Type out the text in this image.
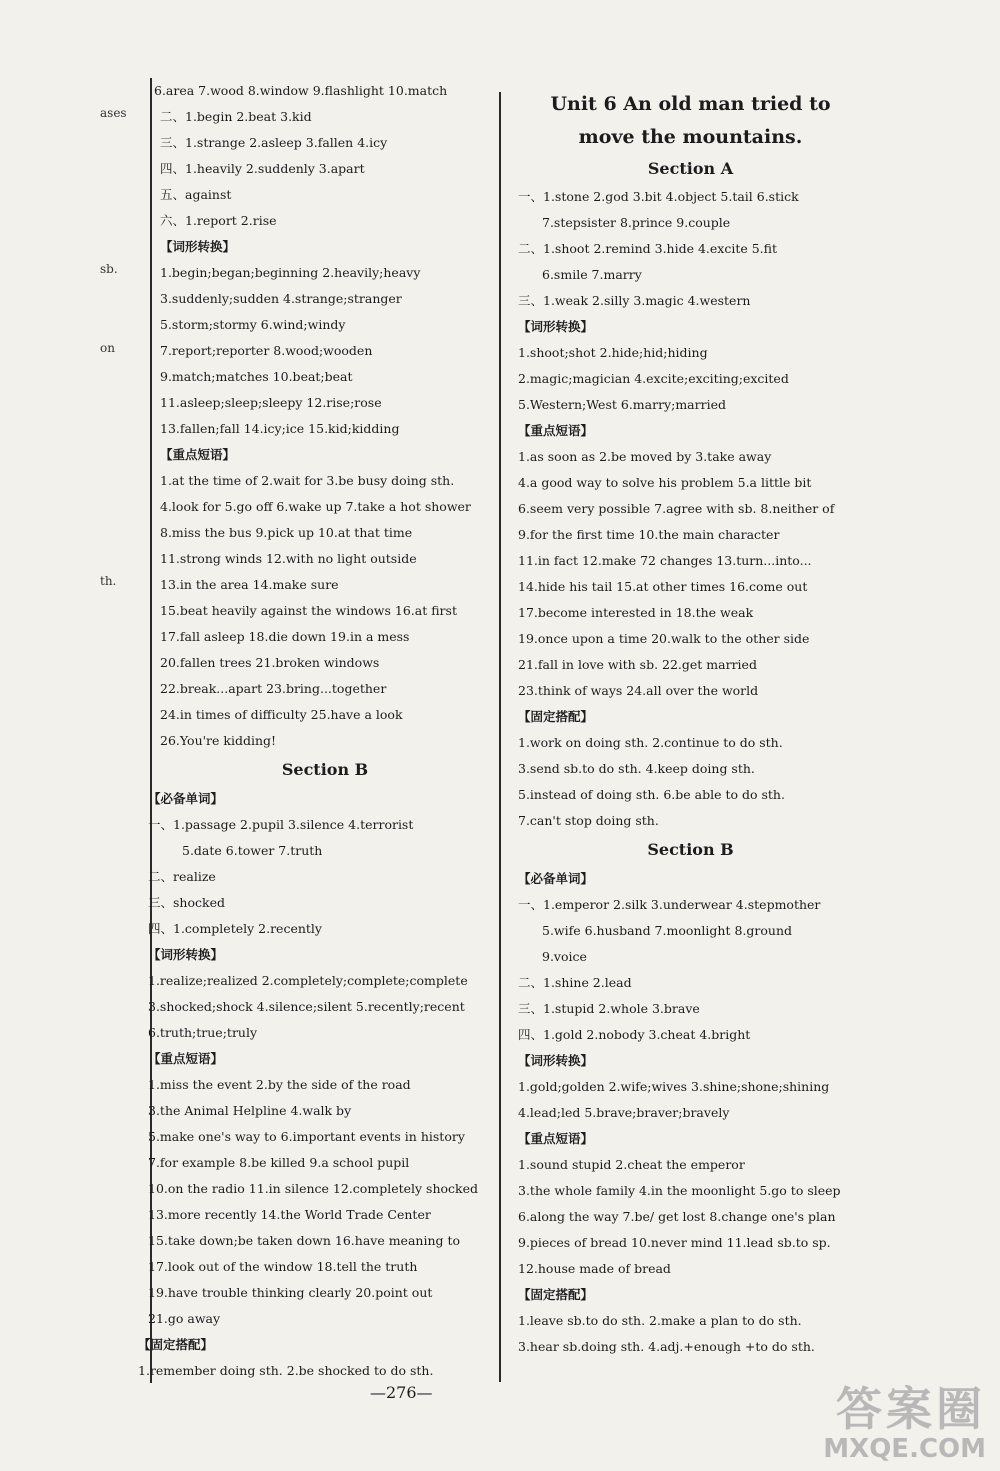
ases
sb.
on
th.
6.area 7.wood 8.window 9.flashlight 10.match
二、1.begin 2.beat 3.kid
三、1.strange 2.asleep 3.fallen 4.icy
四、1.heavily 2.suddenly 3.apart
五、against
六、1.report 2.rise
【词形转换】
1.begin;began;beginning 2.heavily;heavy
3.suddenly;sudden 4.strange;stranger
5.storm;stormy 6.wind;windy
7.report;reporter 8.wood;wooden
9.match;matches 10.beat;beat
11.asleep;sleep;sleepy 12.rise;rose
13.fallen;fall 14.icy;ice 15.kid;kidding
【重点短语】
1.at the time of 2.wait for 3.be busy doing sth.
4.look for 5.go off 6.wake up 7.take a hot shower
8.miss the bus 9.pick up 10.at that time
11.strong winds 12.with no light outside
13.in the area 14.make sure
15.beat heavily against the windows 16.at first
17.fall asleep 18.die down 19.in a mess
20.fallen trees 21.broken windows
22.break...apart 23.bring...together
24.in times of difficulty 25.have a look
26.You're kidding!
Section B
【必备单词】
一、1.passage 2.pupil 3.silence 4.terrorist
5.date 6.tower 7.truth
二、realize
三、shocked
四、1.completely 2.recently
【词形转换】
1.realize;realized 2.completely;complete;complete
3.shocked;shock 4.silence;silent 5.recently;recent
6.truth;true;truly
【重点短语】
1.miss the event 2.by the side of the road
3.the Animal Helpline 4.walk by
5.make one's way to 6.important events in history
7.for example 8.be killed 9.a school pupil
10.on the radio 11.in silence 12.completely shocked
13.more recently 14.the World Trade Center
15.take down;be taken down 16.have meaning to
17.look out of the window 18.tell the truth
19.have trouble thinking clearly 20.point out
21.go away
【固定搭配】
1.remember doing sth. 2.be shocked to do sth.
Unit 6 An old man tried to
move the mountains.
Section A
一、1.stone 2.god 3.bit 4.object 5.tail 6.stick
7.stepsister 8.prince 9.couple
二、1.shoot 2.remind 3.hide 4.excite 5.fit
6.smile 7.marry
三、1.weak 2.silly 3.magic 4.western
【词形转换】
1.shoot;shot 2.hide;hid;hiding
2.magic;magician 4.excite;exciting;excited
5.Western;West 6.marry;married
【重点短语】
1.as soon as 2.be moved by 3.take away
4.a good way to solve his problem 5.a little bit
6.seem very possible 7.agree with sb. 8.neither of
9.for the first time 10.the main character
11.in fact 12.make 72 changes 13.turn...into...
14.hide his tail 15.at other times 16.come out
17.become interested in 18.the weak
19.once upon a time 20.walk to the other side
21.fall in love with sb. 22.get married
23.think of ways 24.all over the world
【固定搭配】
1.work on doing sth. 2.continue to do sth.
3.send sb.to do sth. 4.keep doing sth.
5.instead of doing sth. 6.be able to do sth.
7.can't stop doing sth.
Section B
【必备单词】
一、1.emperor 2.silk 3.underwear 4.stepmother
5.wife 6.husband 7.moonlight 8.ground
9.voice
二、1.shine 2.lead
三、1.stupid 2.whole 3.brave
四、1.gold 2.nobody 3.cheat 4.bright
【词形转换】
1.gold;golden 2.wife;wives 3.shine;shone;shining
4.lead;led 5.brave;braver;bravely
【重点短语】
1.sound stupid 2.cheat the emperor
3.the whole family 4.in the moonlight 5.go to sleep
6.along the way 7.be/ get lost 8.change one's plan
9.pieces of bread 10.never mind 11.lead sb.to sp.
12.house made of bread
【固定搭配】
1.leave sb.to do sth. 2.make a plan to do sth.
3.hear sb.doing sth. 4.adj.+enough +to do sth.
—276—	答案圈
MXQE.COM
